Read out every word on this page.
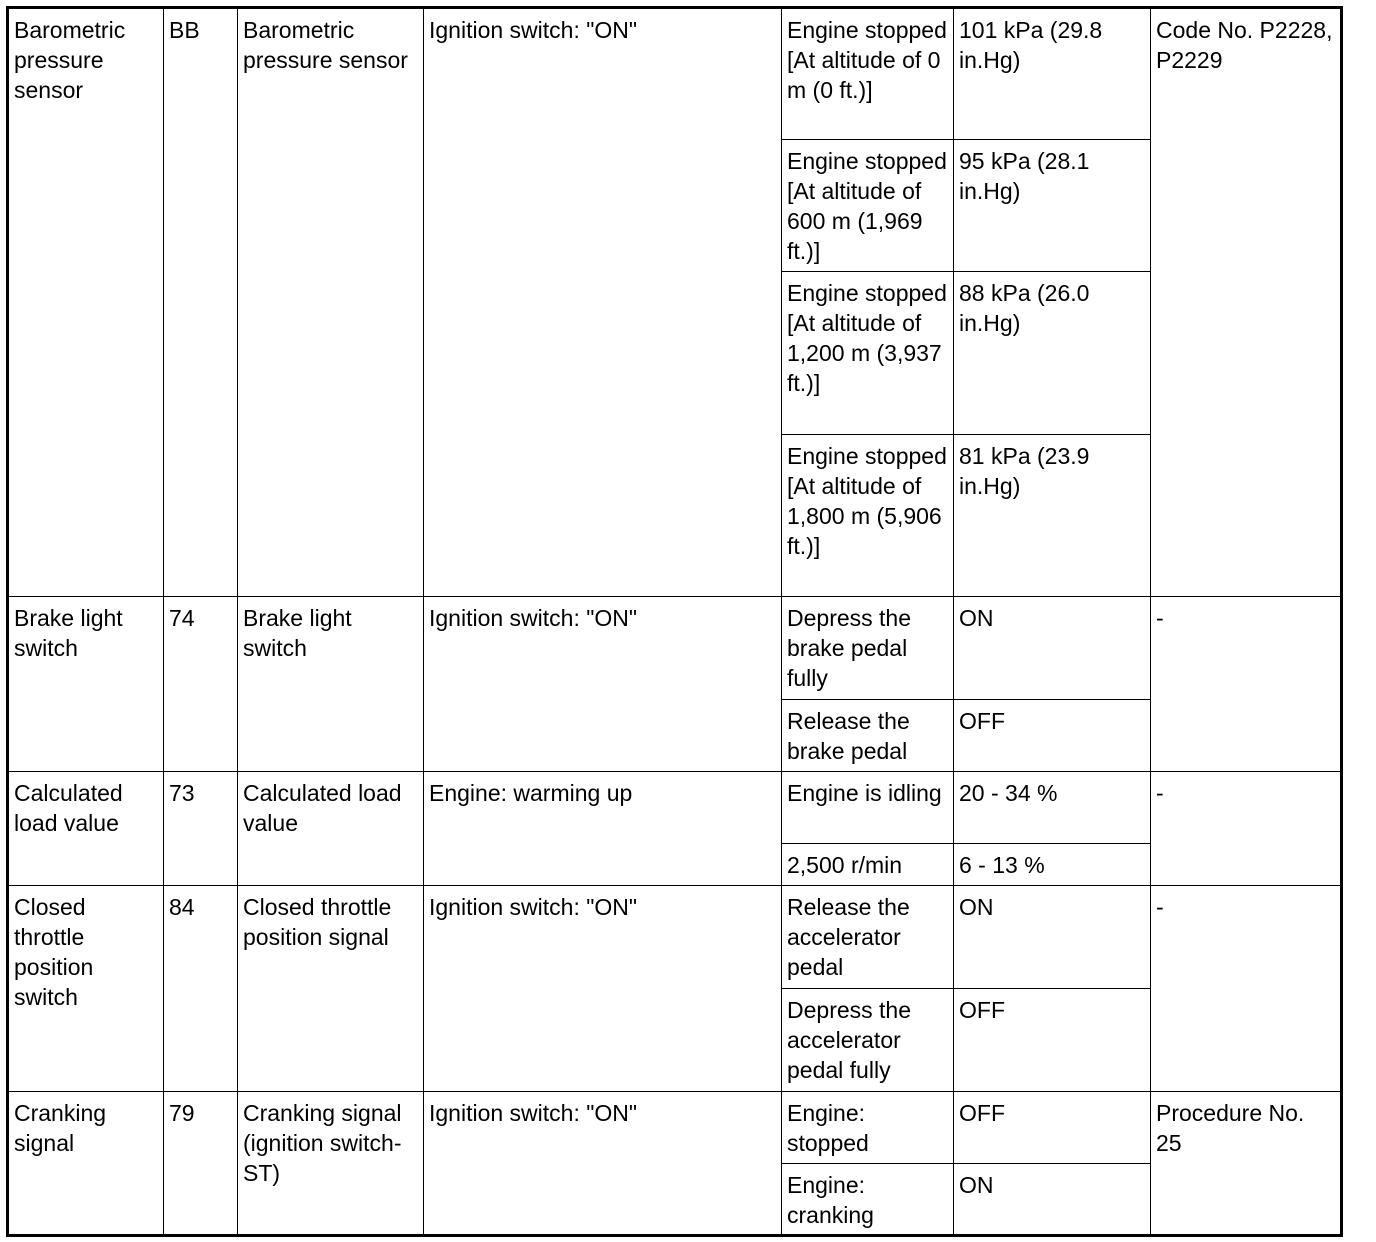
Barometric pressure sensor	BB	Barometric pressure sensor	Ignition switch: "ON"	Engine stopped [At altitude of 0 m (0 ft.)]	101 kPa (29.8 in.Hg)	Code No. P2228, P2229
				Engine stopped [At altitude of 600 m (1,969 ft.)]	95 kPa (28.1 in.Hg)	
				Engine stopped [At altitude of 1,200 m (3,937 ft.)]	88 kPa (26.0 in.Hg)	
				Engine stopped [At altitude of 1,800 m (5,906 ft.)]	81 kPa (23.9 in.Hg)	
Brake light switch	74	Brake light switch	Ignition switch: "ON"	Depress the brake pedal fully	ON	-
				Release the brake pedal	OFF	
Calculated load value	73	Calculated load value	Engine: warming up	Engine is idling	20 - 34 %	-
				2,500 r/min	6 - 13 %	
Closed throttle position switch	84	Closed throttle position signal	Ignition switch: "ON"	Release the accelerator pedal	ON	-
				Depress the accelerator pedal fully	OFF	
Cranking signal	79	Cranking signal (ignition switch-ST)	Ignition switch: "ON"	Engine: stopped	OFF	Procedure No. 25
				Engine: cranking	ON	
